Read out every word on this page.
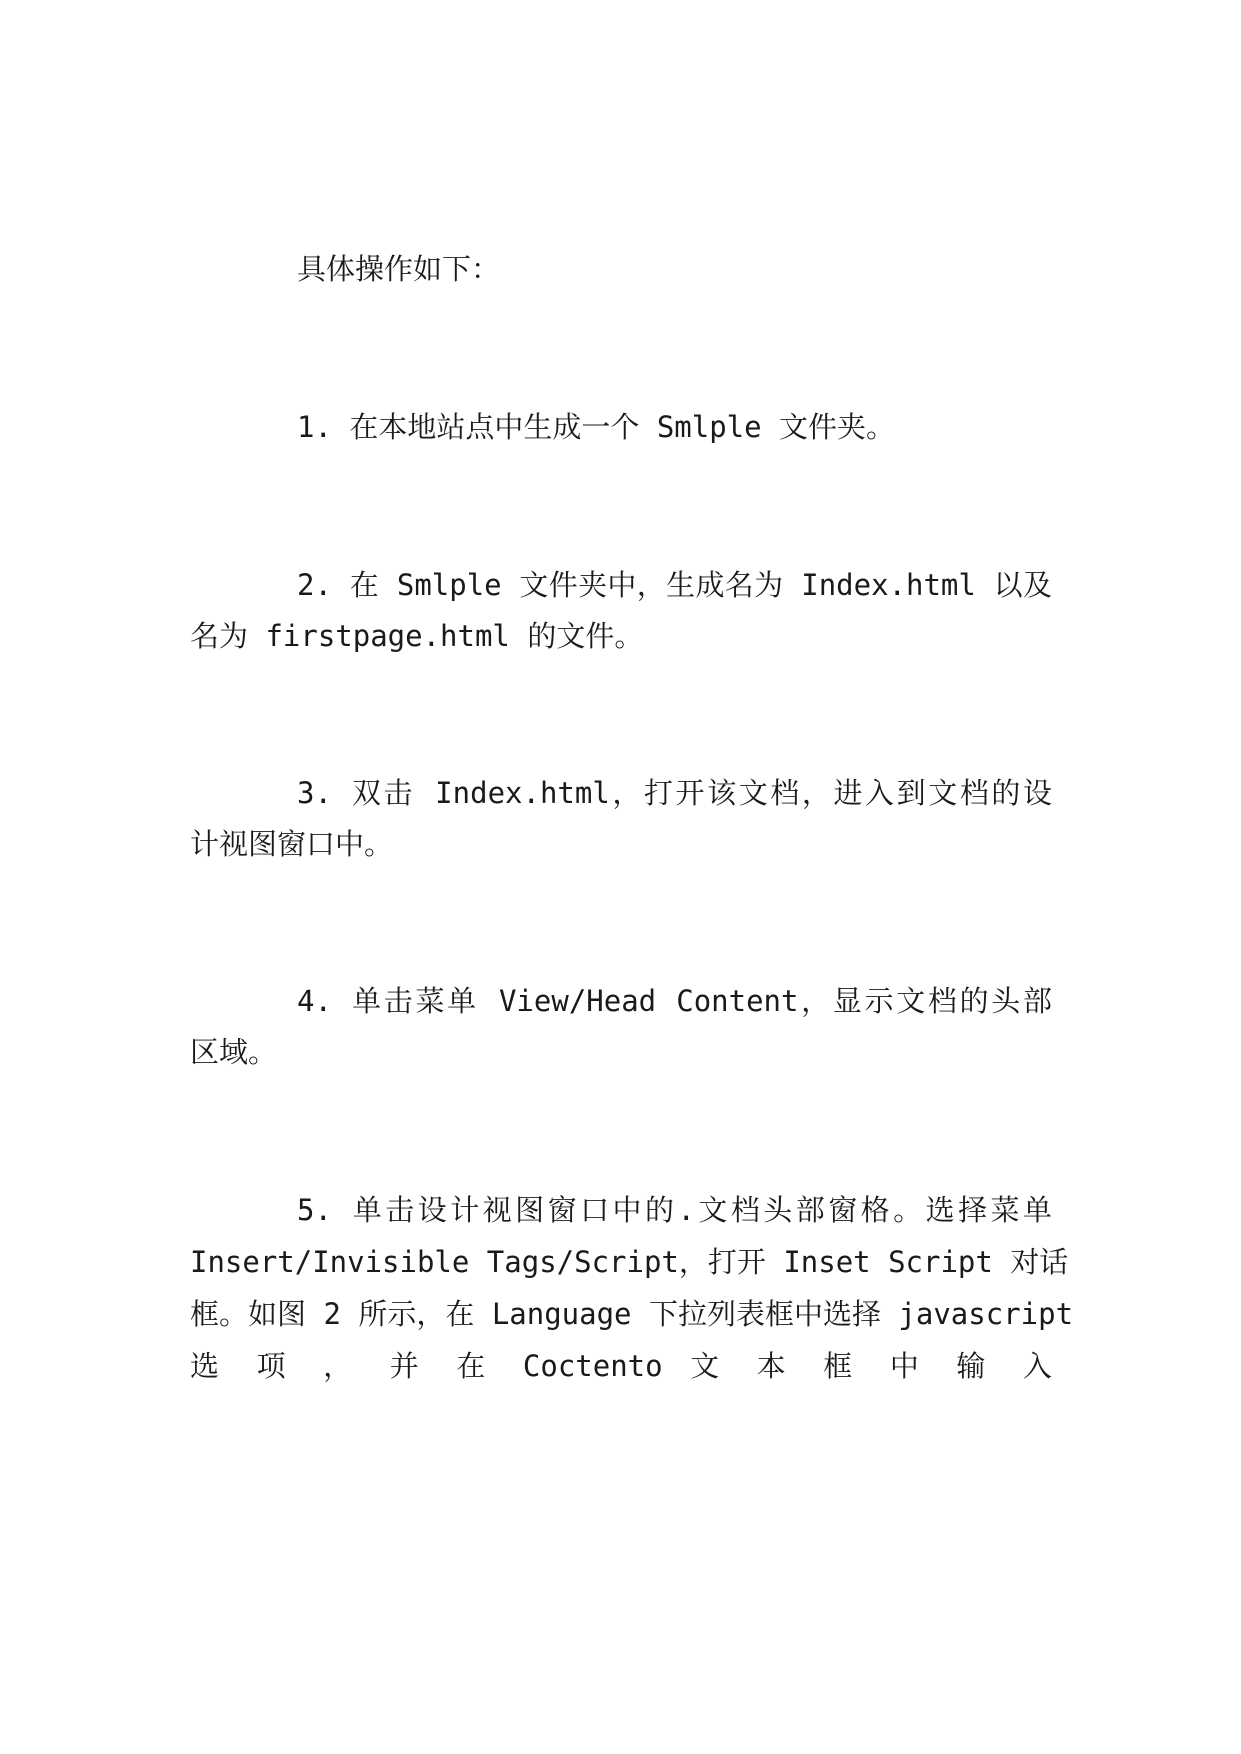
具体操作如下：
1. 在本地站点中生成一个 Smlple 文件夹。
2. 在 Smlple 文件夹中，生成名为 Index.html 以及
名为 firstpage.html 的文件。
3. 双击 Index.html，打开该文档，进入到文档的设
计视图窗口中。
4. 单击菜单 View/Head Content，显示文档的头部
区域。
5. 单击设计视图窗口中的.文档头部窗格。选择菜单
Insert/Invisible Tags/Script，打开 Inset Script 对话
框。如图 2 所示，在 Language 下拉列表框中选择 javascript
选 项 ， 并 在 Coctento 文 本 框 中 输 入
